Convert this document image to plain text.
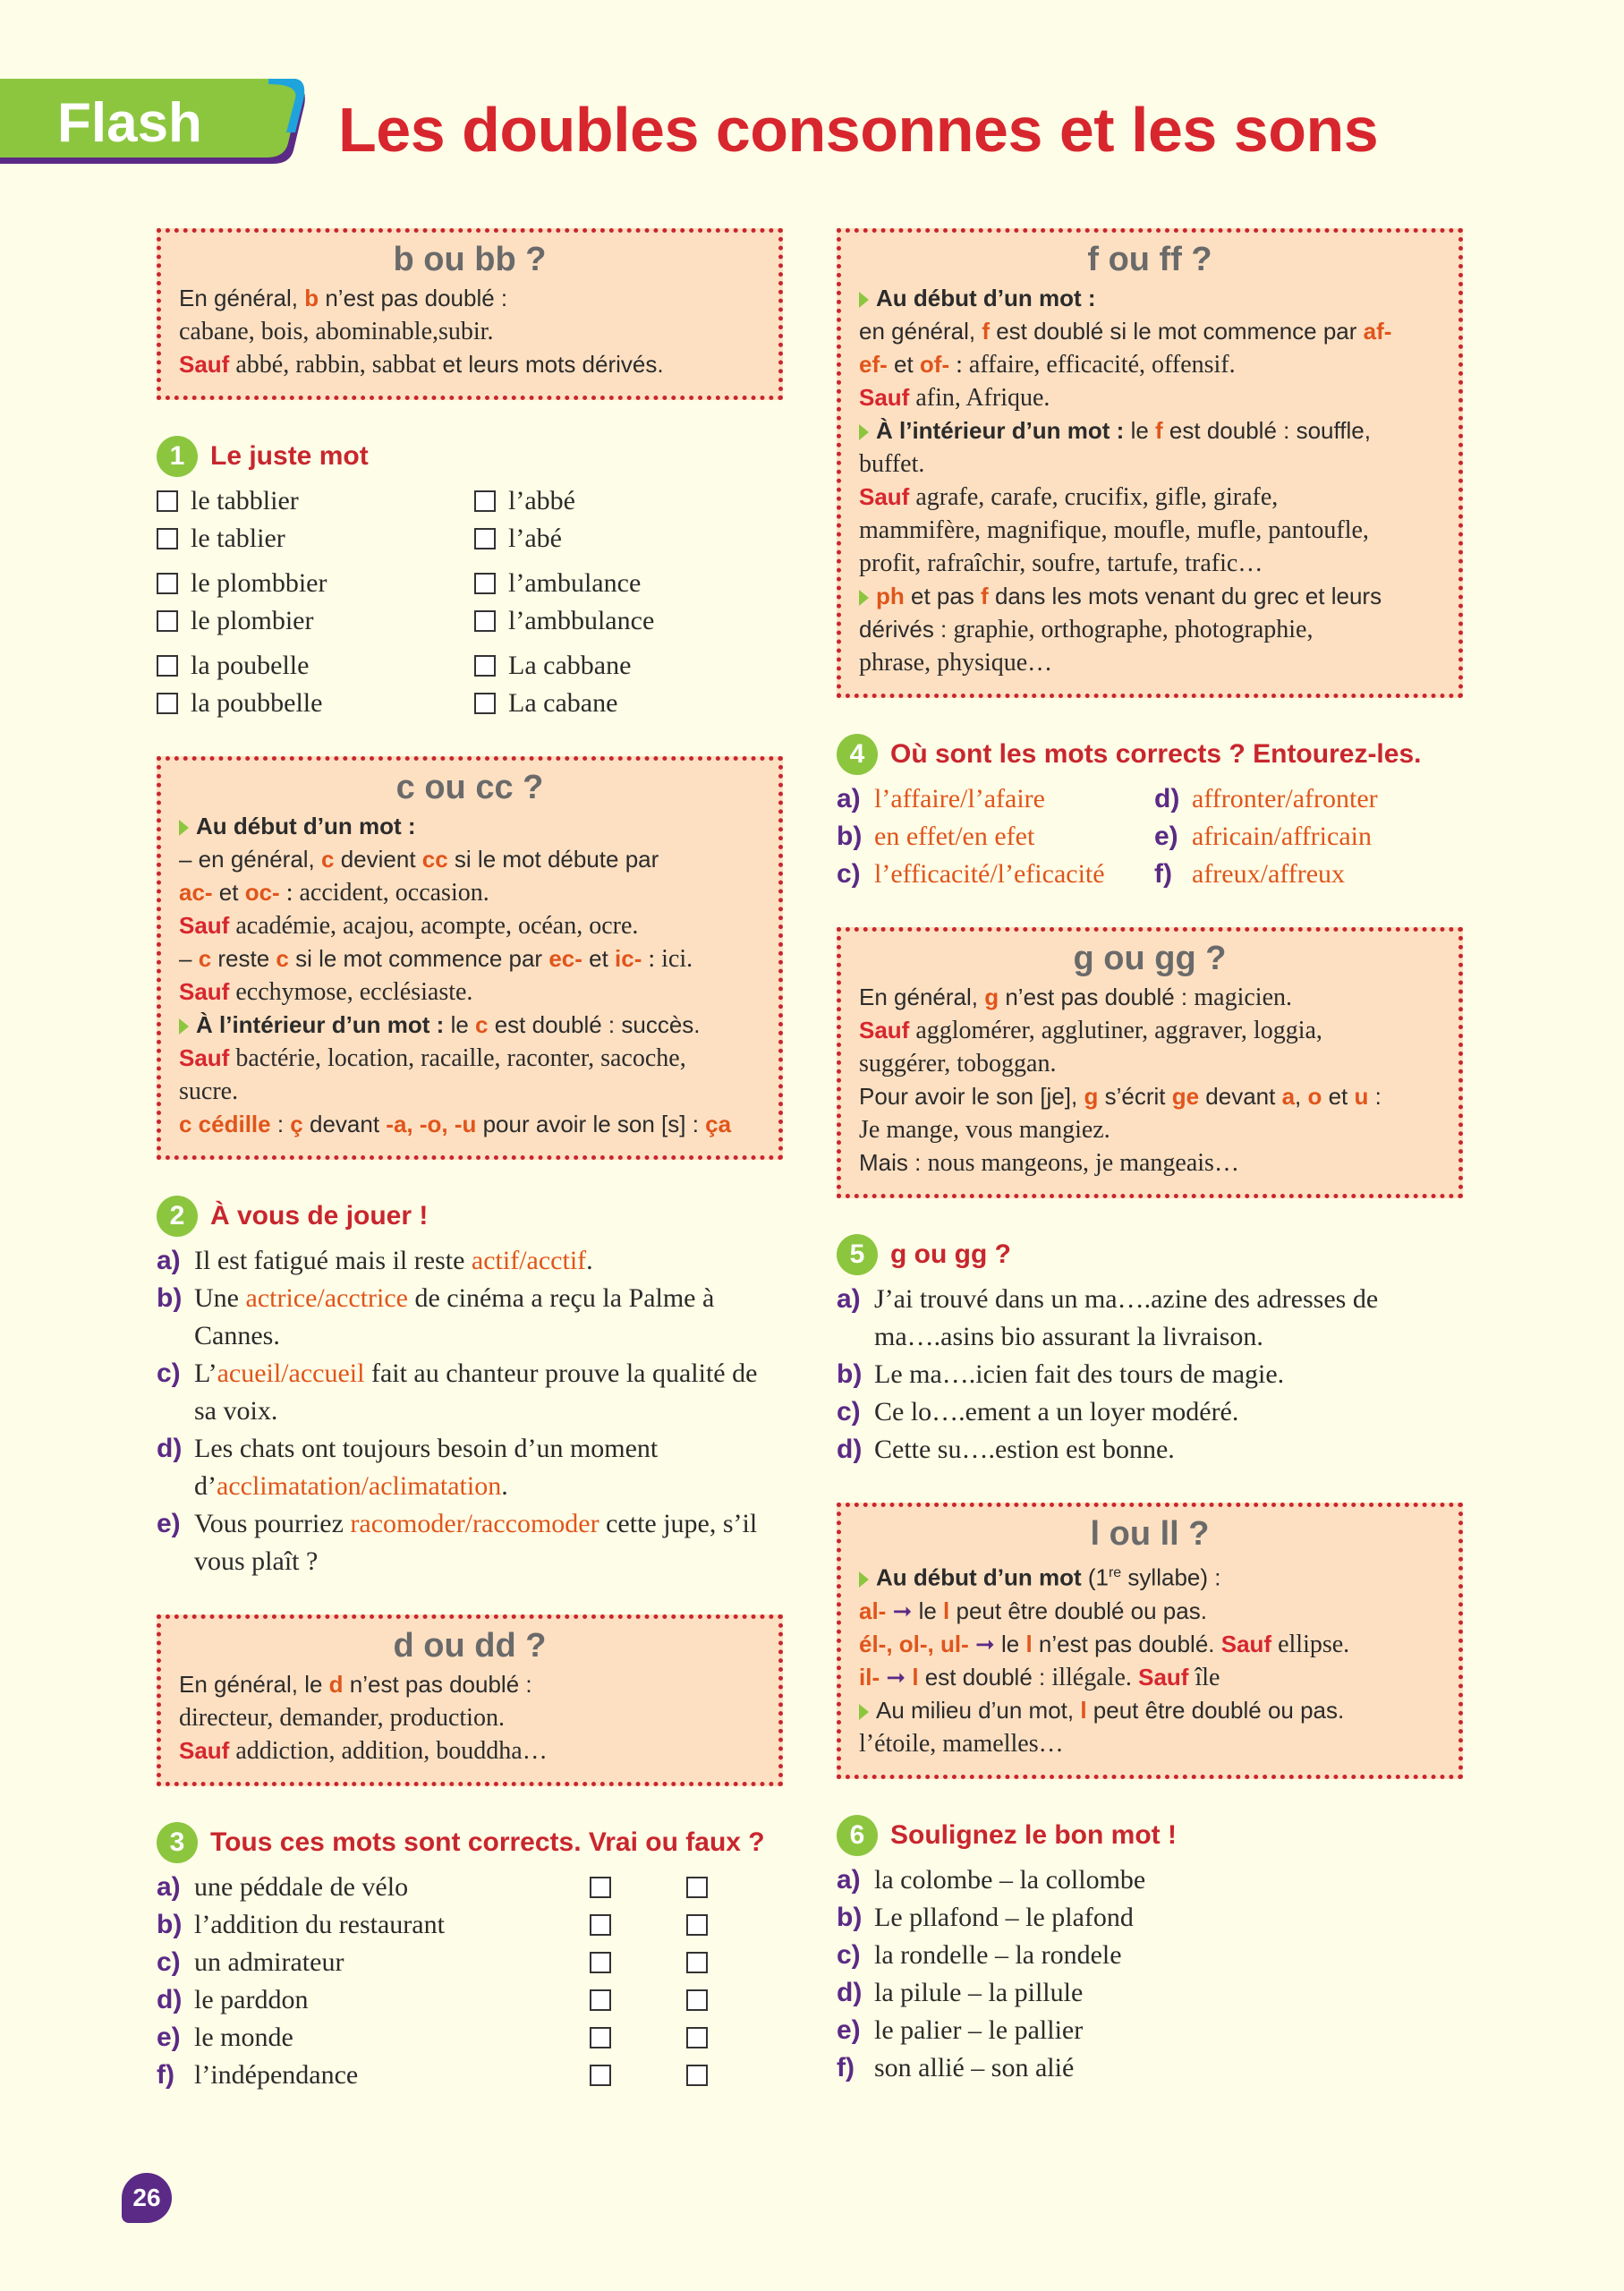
Flash Les doubles consonnes et les sons
b ou bb ?
En général, b n’est pas doublé :
cabane, bois, abominable,subir.
Sauf abbé, rabbin, sabbat et leurs mots dérivés.
1 Le juste mot
le tabblier	l’abbé
le tablier	l’abé
le plombbier	l’ambulance
le plombier	l’ambbulance
la poubelle	La cabbane
la poubbelle	La cabane
c ou cc ?
Au début d’un mot :
– en général, c devient cc si le mot débute par
ac- et oc- : accident, occasion.
Sauf académie, acajou, acompte, océan, ocre.
– c reste c si le mot commence par ec- et ic- : ici.
Sauf ecchymose, ecclésiaste.
À l’intérieur d’un mot : le c est doublé : succès.
Sauf bactérie, location, racaille, raconter, sacoche,
sucre.
c cédille : ç devant -a, -o, -u pour avoir le son [s] : ça
2 À vous de jouer !
a) Il est fatigué mais il reste actif/acctif.
b) Une actrice/acctrice de cinéma a reçu la Palme à Cannes.
c) L’acueil/accueil fait au chanteur prouve la qualité de sa voix.
d) Les chats ont toujours besoin d’un moment d’acclimatation/aclimatation.
e) Vous pourriez racomoder/raccomoder cette jupe, s’il vous plaît ?
d ou dd ?
En général, le d n’est pas doublé :
directeur, demander, production.
Sauf addiction, addition, bouddha…
3 Tous ces mots sont corrects. Vrai ou faux ?
a) une péddale de vélo
b) l’addition du restaurant
c) un admirateur
d) le parddon
e) le monde
f) l’indépendance
f ou ff ?
Au début d’un mot :
en général, f est doublé si le mot commence par af-
ef- et of- : affaire, efficacité, offensif.
Sauf afin, Afrique.
À l’intérieur d’un mot : le f est doublé : souffle,
buffet.
Sauf agrafe, carafe, crucifix, gifle, girafe,
mammifère, magnifique, moufle, mufle, pantoufle,
profit, rafraîchir, soufre, tartufe, trafic…
ph et pas f dans les mots venant du grec et leurs
dérivés : graphie, orthographe, photographie,
phrase, physique…
4 Où sont les mots corrects ? Entourez-les.
a) l’affaire/l’afaire	d) affronter/afronter
b) en effet/en efet	e) africain/affricain
c) l’efficacité/l’eficacité f) afreux/affreux
g ou gg ?
En général, g n’est pas doublé : magicien.
Sauf agglomérer, agglutiner, aggraver, loggia,
suggérer, toboggan.
Pour avoir le son [je], g s’écrit ge devant a, o et u :
Je mange, vous mangiez.
Mais : nous mangeons, je mangeais…
5 g ou gg ?
a) J’ai trouvé dans un ma….azine des adresses de ma….asins bio assurant la livraison.
b) Le ma….icien fait des tours de magie.
c) Ce lo….ement a un loyer modéré.
d) Cette su….estion est bonne.
l ou ll ?
Au début d’un mot (1re syllabe) :
al- ➞ le l peut être doublé ou pas.
él-, ol-, ul- ➞ le l n’est pas doublé. Sauf ellipse.
il- ➞ l est doublé : illégale. Sauf île
Au milieu d’un mot, l peut être doublé ou pas.
l’étoile, mamelles…
6 Soulignez le bon mot !
a) la colombe – la collombe
b) Le pllafond – le plafond
c) la rondelle – la rondele
d) la pilule – la pillule
e) le palier – le pallier
f) son allié – son alié
26
